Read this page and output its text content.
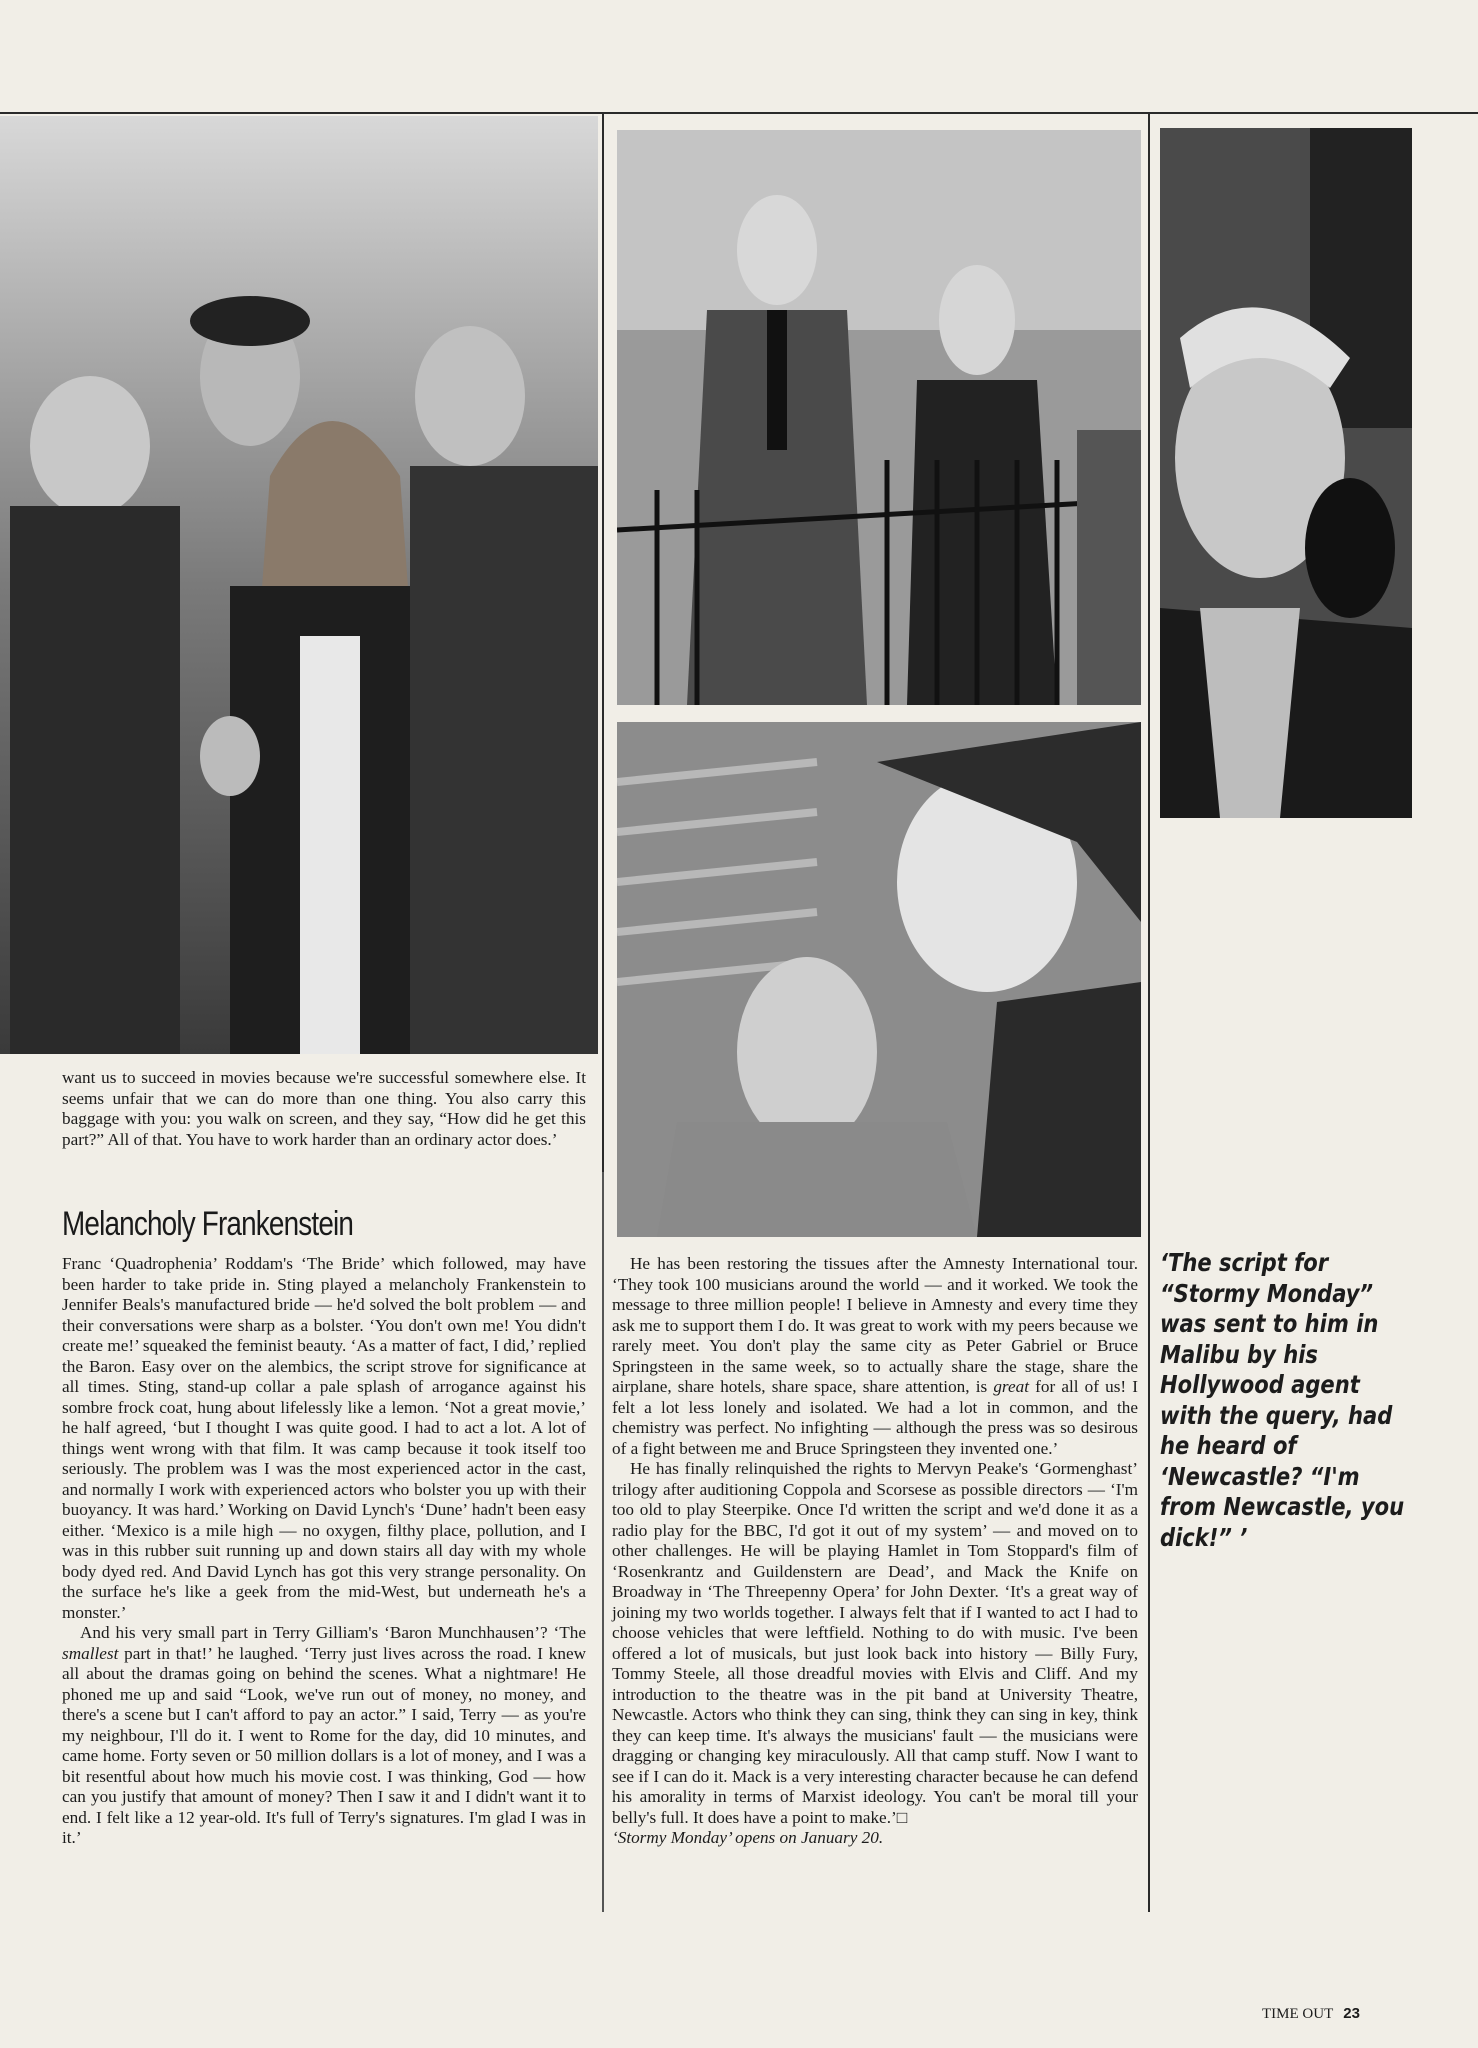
want us to succeed in movies because we're successful somewhere else. It seems unfair that we can do more than one thing. You also carry this baggage with you: you walk on screen, and they say, “How did he get this part?” All of that. You have to work harder than an ordinary actor does.’

Melancholy Frankenstein

Franc ‘Quadrophenia’ Roddam's ‘The Bride’ which followed, may have been harder to take pride in. Sting played a melancholy Frankenstein to Jennifer Beals's manufactured bride — he'd solved the bolt problem — and their conversations were sharp as a bolster. ‘You don't own me! You didn't create me!’ squeaked the feminist beauty. ‘As a matter of fact, I did,’ replied the Baron. Easy over on the alembics, the script strove for significance at all times. Sting, stand-up collar a pale splash of arrogance against his sombre frock coat, hung about lifelessly like a lemon. ‘Not a great movie,’ he half agreed, ‘but I thought I was quite good. I had to act a lot. A lot of things went wrong with that film. It was camp because it took itself too seriously. The problem was I was the most experienced actor in the cast, and normally I work with experienced actors who bolster you up with their buoyancy. It was hard.’ Working on David Lynch's ‘Dune’ hadn't been easy either. ‘Mexico is a mile high — no oxygen, filthy place, pollution, and I was in this rubber suit running up and down stairs all day with my whole body dyed red. And David Lynch has got this very strange personality. On the surface he's like a geek from the mid-West, but underneath he's a monster.’

And his very small part in Terry Gilliam's ‘Baron Munchhausen’? ‘The smallest part in that!’ he laughed. ‘Terry just lives across the road. I knew all about the dramas going on behind the scenes. What a nightmare! He phoned me up and said “Look, we've run out of money, no money, and there's a scene but I can't afford to pay an actor.” I said, Terry — as you're my neighbour, I'll do it. I went to Rome for the day, did 10 minutes, and came home. Forty seven or 50 million dollars is a lot of money, and I was a bit resentful about how much his movie cost. I was thinking, God — how can you justify that amount of money? Then I saw it and I didn't want it to end. I felt like a 12 year-old. It's full of Terry's signatures. I'm glad I was in it.’

He has been restoring the tissues after the Amnesty International tour. ‘They took 100 musicians around the world — and it worked. We took the message to three million people! I believe in Amnesty and every time they ask me to support them I do. It was great to work with my peers because we rarely meet. You don't play the same city as Peter Gabriel or Bruce Springsteen in the same week, so to actually share the stage, share the airplane, share hotels, share space, share attention, is great for all of us! I felt a lot less lonely and isolated. We had a lot in common, and the chemistry was perfect. No infighting — although the press was so desirous of a fight between me and Bruce Springsteen they invented one.’

He has finally relinquished the rights to Mervyn Peake's ‘Gormenghast’ trilogy after auditioning Coppola and Scorsese as possible directors — ‘I'm too old to play Steerpike. Once I'd written the script and we'd done it as a radio play for the BBC, I'd got it out of my system’ — and moved on to other challenges. He will be playing Hamlet in Tom Stoppard's film of ‘Rosenkrantz and Guildenstern are Dead’, and Mack the Knife on Broadway in ‘The Threepenny Opera’ for John Dexter. ‘It's a great way of joining my two worlds together. I always felt that if I wanted to act I had to choose vehicles that were leftfield. Nothing to do with music. I've been offered a lot of musicals, but just look back into history — Billy Fury, Tommy Steele, all those dreadful movies with Elvis and Cliff. And my introduction to the theatre was in the pit band at University Theatre, Newcastle. Actors who think they can sing, think they can sing in key, think they can keep time. It's always the musicians' fault — the musicians were dragging or changing key miraculously. All that camp stuff. Now I want to see if I can do it. Mack is a very interesting character because he can defend his amorality in terms of Marxist ideology. You can't be moral till your belly's full. It does have a point to make.’□

‘Stormy Monday’ opens on January 20.

‘The script for “Stormy Monday” was sent to him in Malibu by his Hollywood agent with the query, had he heard of ‘Newcastle? “I'm from Newcastle, you dick!” ’
TIME OUT 23
